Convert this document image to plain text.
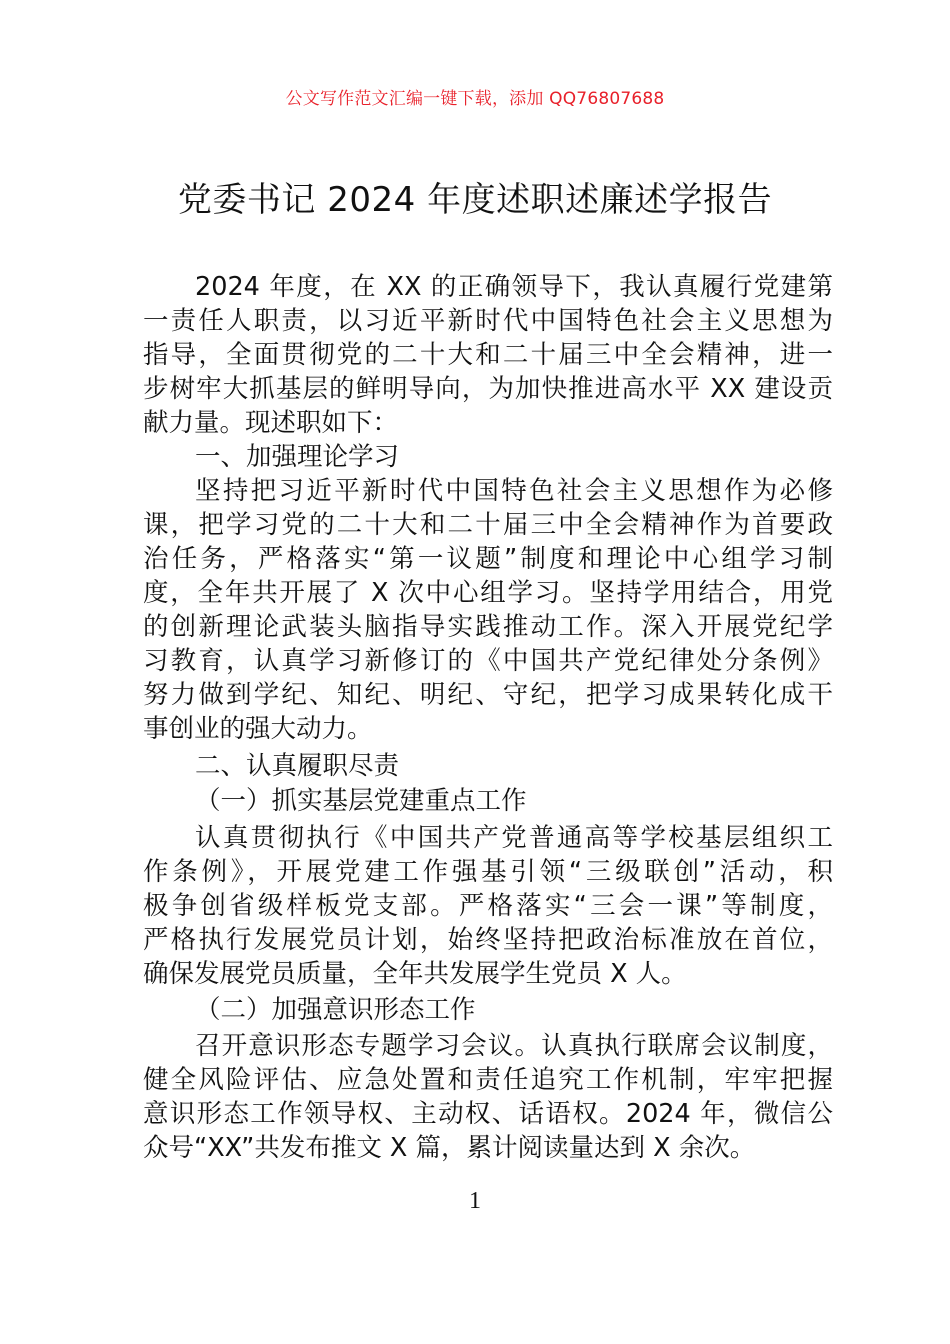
公文写作范文汇编一键下载，添加 QQ76807688
党委书记 2024 年度述职述廉述学报告
2024 年度，在 XX 的正确领导下，我认真履行党建第
一责任人职责，以习近平新时代中国特色社会主义思想为
指导，全面贯彻党的二十大和二十届三中全会精神，进一
步树牢大抓基层的鲜明导向，为加快推进高水平 XX 建设贡
献力量。现述职如下：
一、加强理论学习
坚持把习近平新时代中国特色社会主义思想作为必修
课，把学习党的二十大和二十届三中全会精神作为首要政
治任务，严格落实“第一议题”制度和理论中心组学习制
度，全年共开展了 X 次中心组学习。坚持学用结合，用党
的创新理论武装头脑指导实践推动工作。深入开展党纪学
习教育，认真学习新修订的《中国共产党纪律处分条例》
努力做到学纪、知纪、明纪、守纪，把学习成果转化成干
事创业的强大动力。
二、认真履职尽责
（一）抓实基层党建重点工作
认真贯彻执行《中国共产党普通高等学校基层组织工
作条例》，开展党建工作强基引领“三级联创”活动，积
极争创省级样板党支部。严格落实“三会一课”等制度，
严格执行发展党员计划，始终坚持把政治标准放在首位，
确保发展党员质量，全年共发展学生党员 X 人。
（二）加强意识形态工作
召开意识形态专题学习会议。认真执行联席会议制度，
健全风险评估、应急处置和责任追究工作机制，牢牢把握
意识形态工作领导权、主动权、话语权。2024 年，微信公
众号“XX”共发布推文 X 篇，累计阅读量达到 X 余次。
1
